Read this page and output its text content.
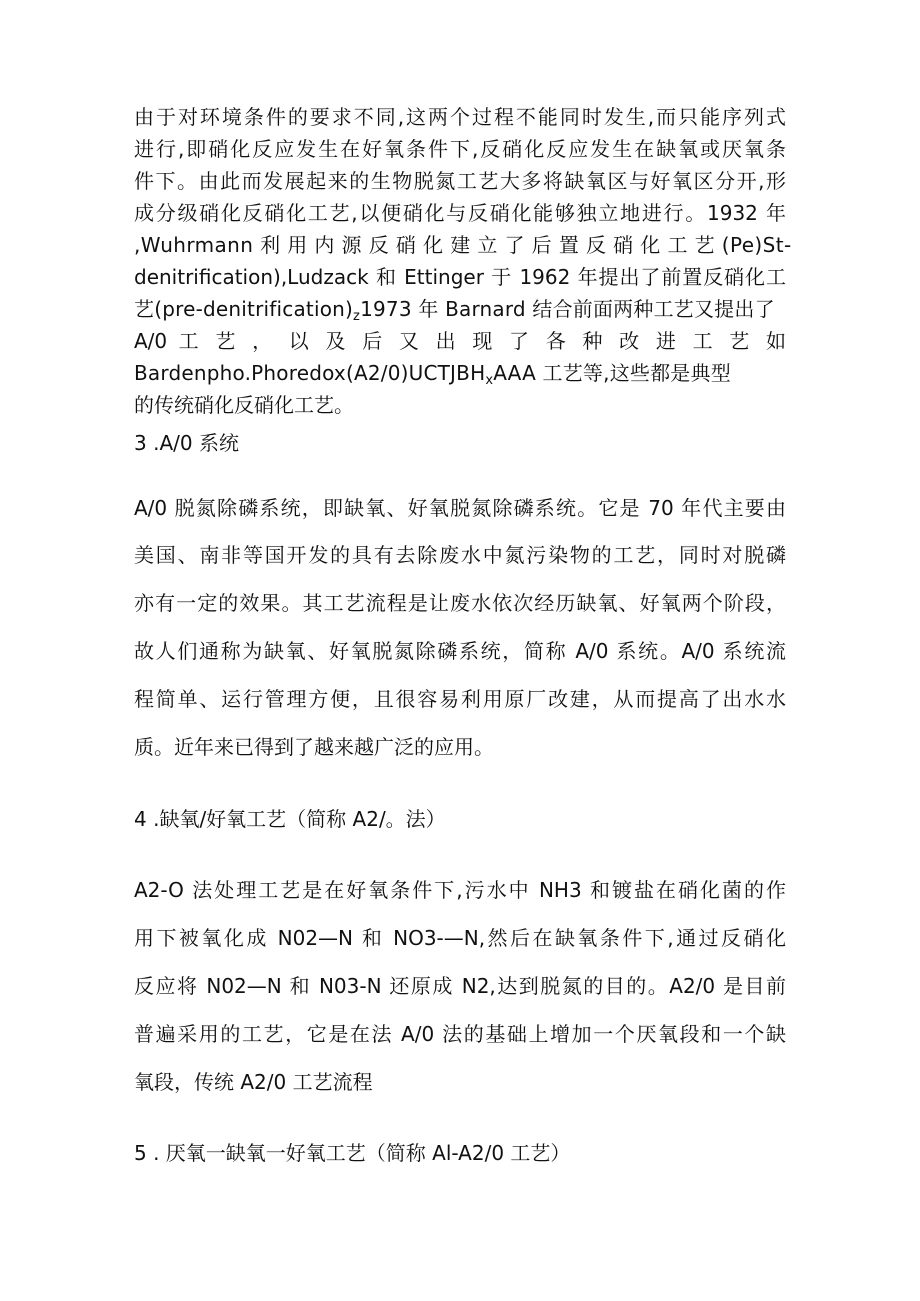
由于对环境条件的要求不同,这两个过程不能同时发生,而只能序列式

进行,即硝化反应发生在好氧条件下,反硝化反应发生在缺氧或厌氧条

件下。由此而发展起来的生物脱氮工艺大多将缺氧区与好氧区分开,形

成分级硝化反硝化工艺,以便硝化与反硝化能够独立地进行。1932 年

,Wuhrmann 利 用 内 源 反 硝 化 建 立 了 后 置 反 硝 化 工 艺 (Pe)St-

denitrification),Ludzack 和 Ettinger 于 1962 年提出了前置反硝化工

艺$(pre-denitrification)_z1973$ 年 Barnard 结合前面两种工艺又提出了

A/0 工 艺 ， 以 及 后 又 出 现 了 各 种 改 进 工 艺 如

$Bardenpho.Phoredox(A2/0)UCTJBH_xAAA$ 工艺等,这些都是典型

的传统硝化反硝化工艺。

3 .A/0 系统

A/0 脱氮除磷系统，即缺氧、好氧脱氮除磷系统。它是 70 年代主要由

美国、南非等国开发的具有去除废水中氮污染物的工艺，同时对脱磷

亦有一定的效果。其工艺流程是让废水依次经历缺氧、好氧两个阶段，

故人们通称为缺氧、好氧脱氮除磷系统，简称 A/0 系统。A/0 系统流

程简单、运行管理方便，且很容易利用原厂改建，从而提高了出水水

质。近年来已得到了越来越广泛的应用。

4 .缺氧/好氧工艺（简称 A2/。法）

A2-O 法处理工艺是在好氧条件下,污水中 NH3 和镀盐在硝化菌的作

用下被氧化成 N02—N 和 NO3-—N,然后在缺氧条件下,通过反硝化

反应将 N02—N 和 N03-N 还原成 N2,达到脱氮的目的。A2/0 是目前

普遍采用的工艺，它是在法 A/0 法的基础上增加一个厌氧段和一个缺

氧段，传统 A2/0 工艺流程

5 . 厌氧一缺氧一好氧工艺（简称 Al-A2/0 工艺）
